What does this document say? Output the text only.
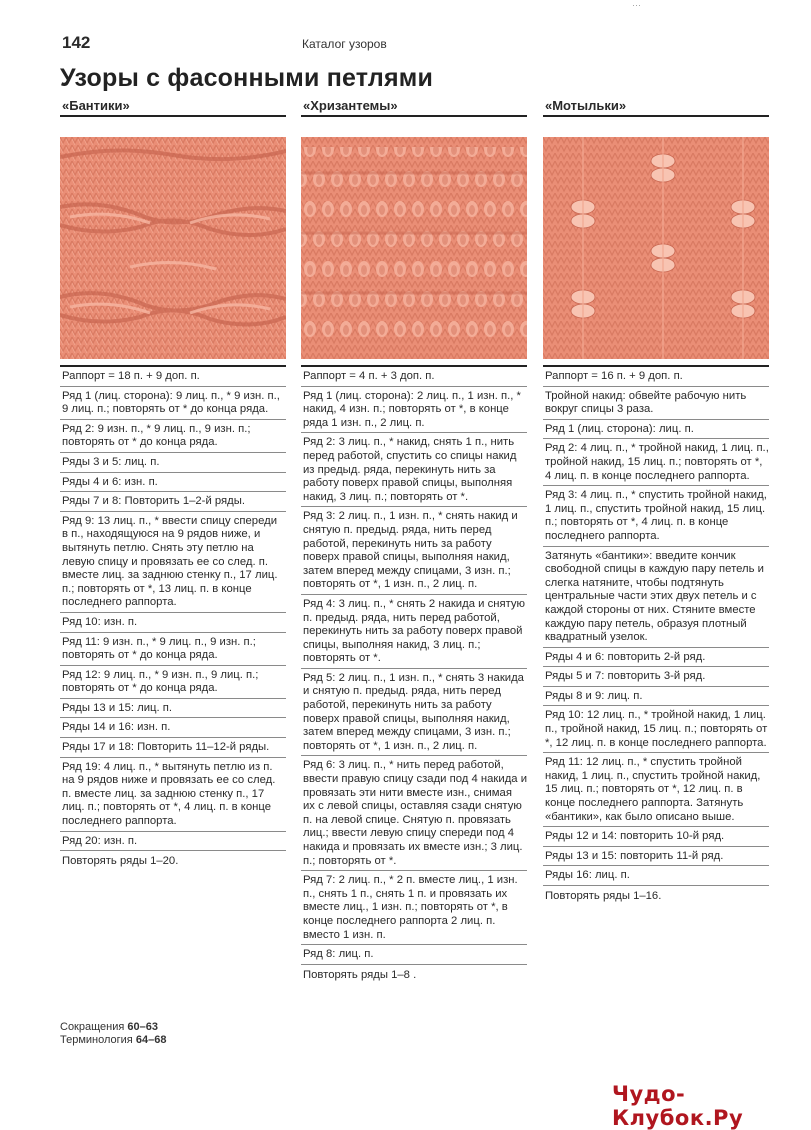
142	Каталог узоров
···
Узоры с фасонными петлями
«Бантики»
Раппорт = 18 п. + 9 доп. п.
Ряд 1 (лиц. сторона): 9 лиц. п., * 9 изн. п., 9 лиц. п.; повторять от * до конца ряда.
Ряд 2: 9 изн. п., * 9 лиц. п., 9 изн. п.; повторять от * до конца ряда.
Ряды 3 и 5: лиц. п.
Ряды 4 и 6: изн. п.
Ряды 7 и 8: Повторить 1–2-й ряды.
Ряд 9: 13 лиц. п., * ввести спицу спереди в п., находящуюся на 9 рядов ниже, и вытянуть петлю. Снять эту петлю на левую спицу и провязать ее со след. п. вместе лиц. за заднюю стенку п., 17 лиц. п.; повторять от *, 13 лиц. п. в конце последнего раппорта.
Ряд 10: изн. п.
Ряд 11: 9 изн. п., * 9 лиц. п., 9 изн. п.; повторять от * до конца ряда.
Ряд 12: 9 лиц. п., * 9 изн. п., 9 лиц. п.; повторять от * до конца ряда.
Ряды 13 и 15: лиц. п.
Ряды 14 и 16: изн. п.
Ряды 17 и 18: Повторить 11–12-й ряды.
Ряд 19: 4 лиц. п., * вытянуть петлю из п. на 9 рядов ниже и провязать ее со след. п. вместе лиц. за заднюю стенку п., 17 лиц. п.; повторять от *, 4 лиц. п. в конце последнего раппорта.
Ряд 20: изн. п.
Повторять ряды 1–20.
«Хризантемы»
Раппорт = 4 п. + 3 доп. п.
Ряд 1 (лиц. сторона): 2 лиц. п., 1 изн. п., * накид, 4 изн. п.; повторять от *, в конце ряда 1 изн. п., 2 лиц. п.
Ряд 2: 3 лиц. п., * накид, снять 1 п., нить перед работой, спустить со спицы накид из предыд. ряда, перекинуть нить за работу поверх правой спицы, выполняя накид, 3 лиц. п.; повторять от *.
Ряд 3: 2 лиц. п., 1 изн. п., * снять накид и снятую п. предыд. ряда, нить перед работой, перекинуть нить за работу поверх правой спицы, выполняя накид, затем вперед между спицами, 3 изн. п.; повторять от *, 1 изн. п., 2 лиц. п.
Ряд 4: 3 лиц. п., * снять 2 накида и снятую п. предыд. ряда, нить перед работой, перекинуть нить за работу поверх правой спицы, выполняя накид, 3 лиц. п.; повторять от *.
Ряд 5: 2 лиц. п., 1 изн. п., * снять 3 накида и снятую п. предыд. ряда, нить перед работой, перекинуть нить за работу поверх правой спицы, выполняя накид, затем вперед между спицами, 3 изн. п.; повторять от *, 1 изн. п., 2 лиц. п.
Ряд 6: 3 лиц. п., * нить перед работой, ввести правую спицу сзади под 4 накида и провязать эти нити вместе изн., снимая их с левой спицы, оставляя сзади снятую п. на левой спице. Снятую п. провязать лиц.; ввести левую спицу спереди под 4 накида и провязать их вместе изн.; 3 лиц. п.; повторять от *.
Ряд 7: 2 лиц. п., * 2 п. вместе лиц., 1 изн. п., снять 1 п., снять 1 п. и провязать их вместе лиц., 1 изн. п.; повторять от *, в конце последнего раппорта 2 лиц. п. вместо 1 изн. п.
Ряд 8: лиц. п.
Повторять ряды 1–8 .
«Мотыльки»
Раппорт = 16 п. + 9 доп. п.
Тройной накид: обвейте рабочую нить вокруг спицы 3 раза.
Ряд 1 (лиц. сторона): лиц. п.
Ряд 2: 4 лиц. п., * тройной накид, 1 лиц. п., тройной накид, 15 лиц. п.; повторять от *, 4 лиц. п. в конце последнего раппорта.
Ряд 3: 4 лиц. п., * спустить тройной накид, 1 лиц. п., спустить тройной накид, 15 лиц. п.; повторять от *, 4 лиц. п. в конце последнего раппорта.
Затянуть «бантики»: введите кончик свободной спицы в каждую пару петель и слегка натяните, чтобы подтянуть центральные части этих двух петель и с каждой стороны от них. Стяните вместе каждую пару петель, образуя плотный квадратный узелок.
Ряды 4 и 6: повторить 2-й ряд.
Ряды 5 и 7: повторить 3-й ряд.
Ряды 8 и 9: лиц. п.
Ряд 10: 12 лиц. п., * тройной накид, 1 лиц. п., тройной накид, 15 лиц. п.; повторять от *, 12 лиц. п. в конце последнего раппорта.
Ряд 11: 12 лиц. п., * спустить тройной накид, 1 лиц. п., спустить тройной накид, 15 лиц. п.; повторять от *, 12 лиц. п. в конце последнего раппорта. Затянуть «бантики», как было описано выше.
Ряды 12 и 14: повторить 10-й ряд.
Ряды 13 и 15: повторить 11-й ряд.
Ряды 16: лиц. п.
Повторять ряды 1–16.
Сокращения 60–63
Терминология 64–68
Чудо-Клубок.Ру
